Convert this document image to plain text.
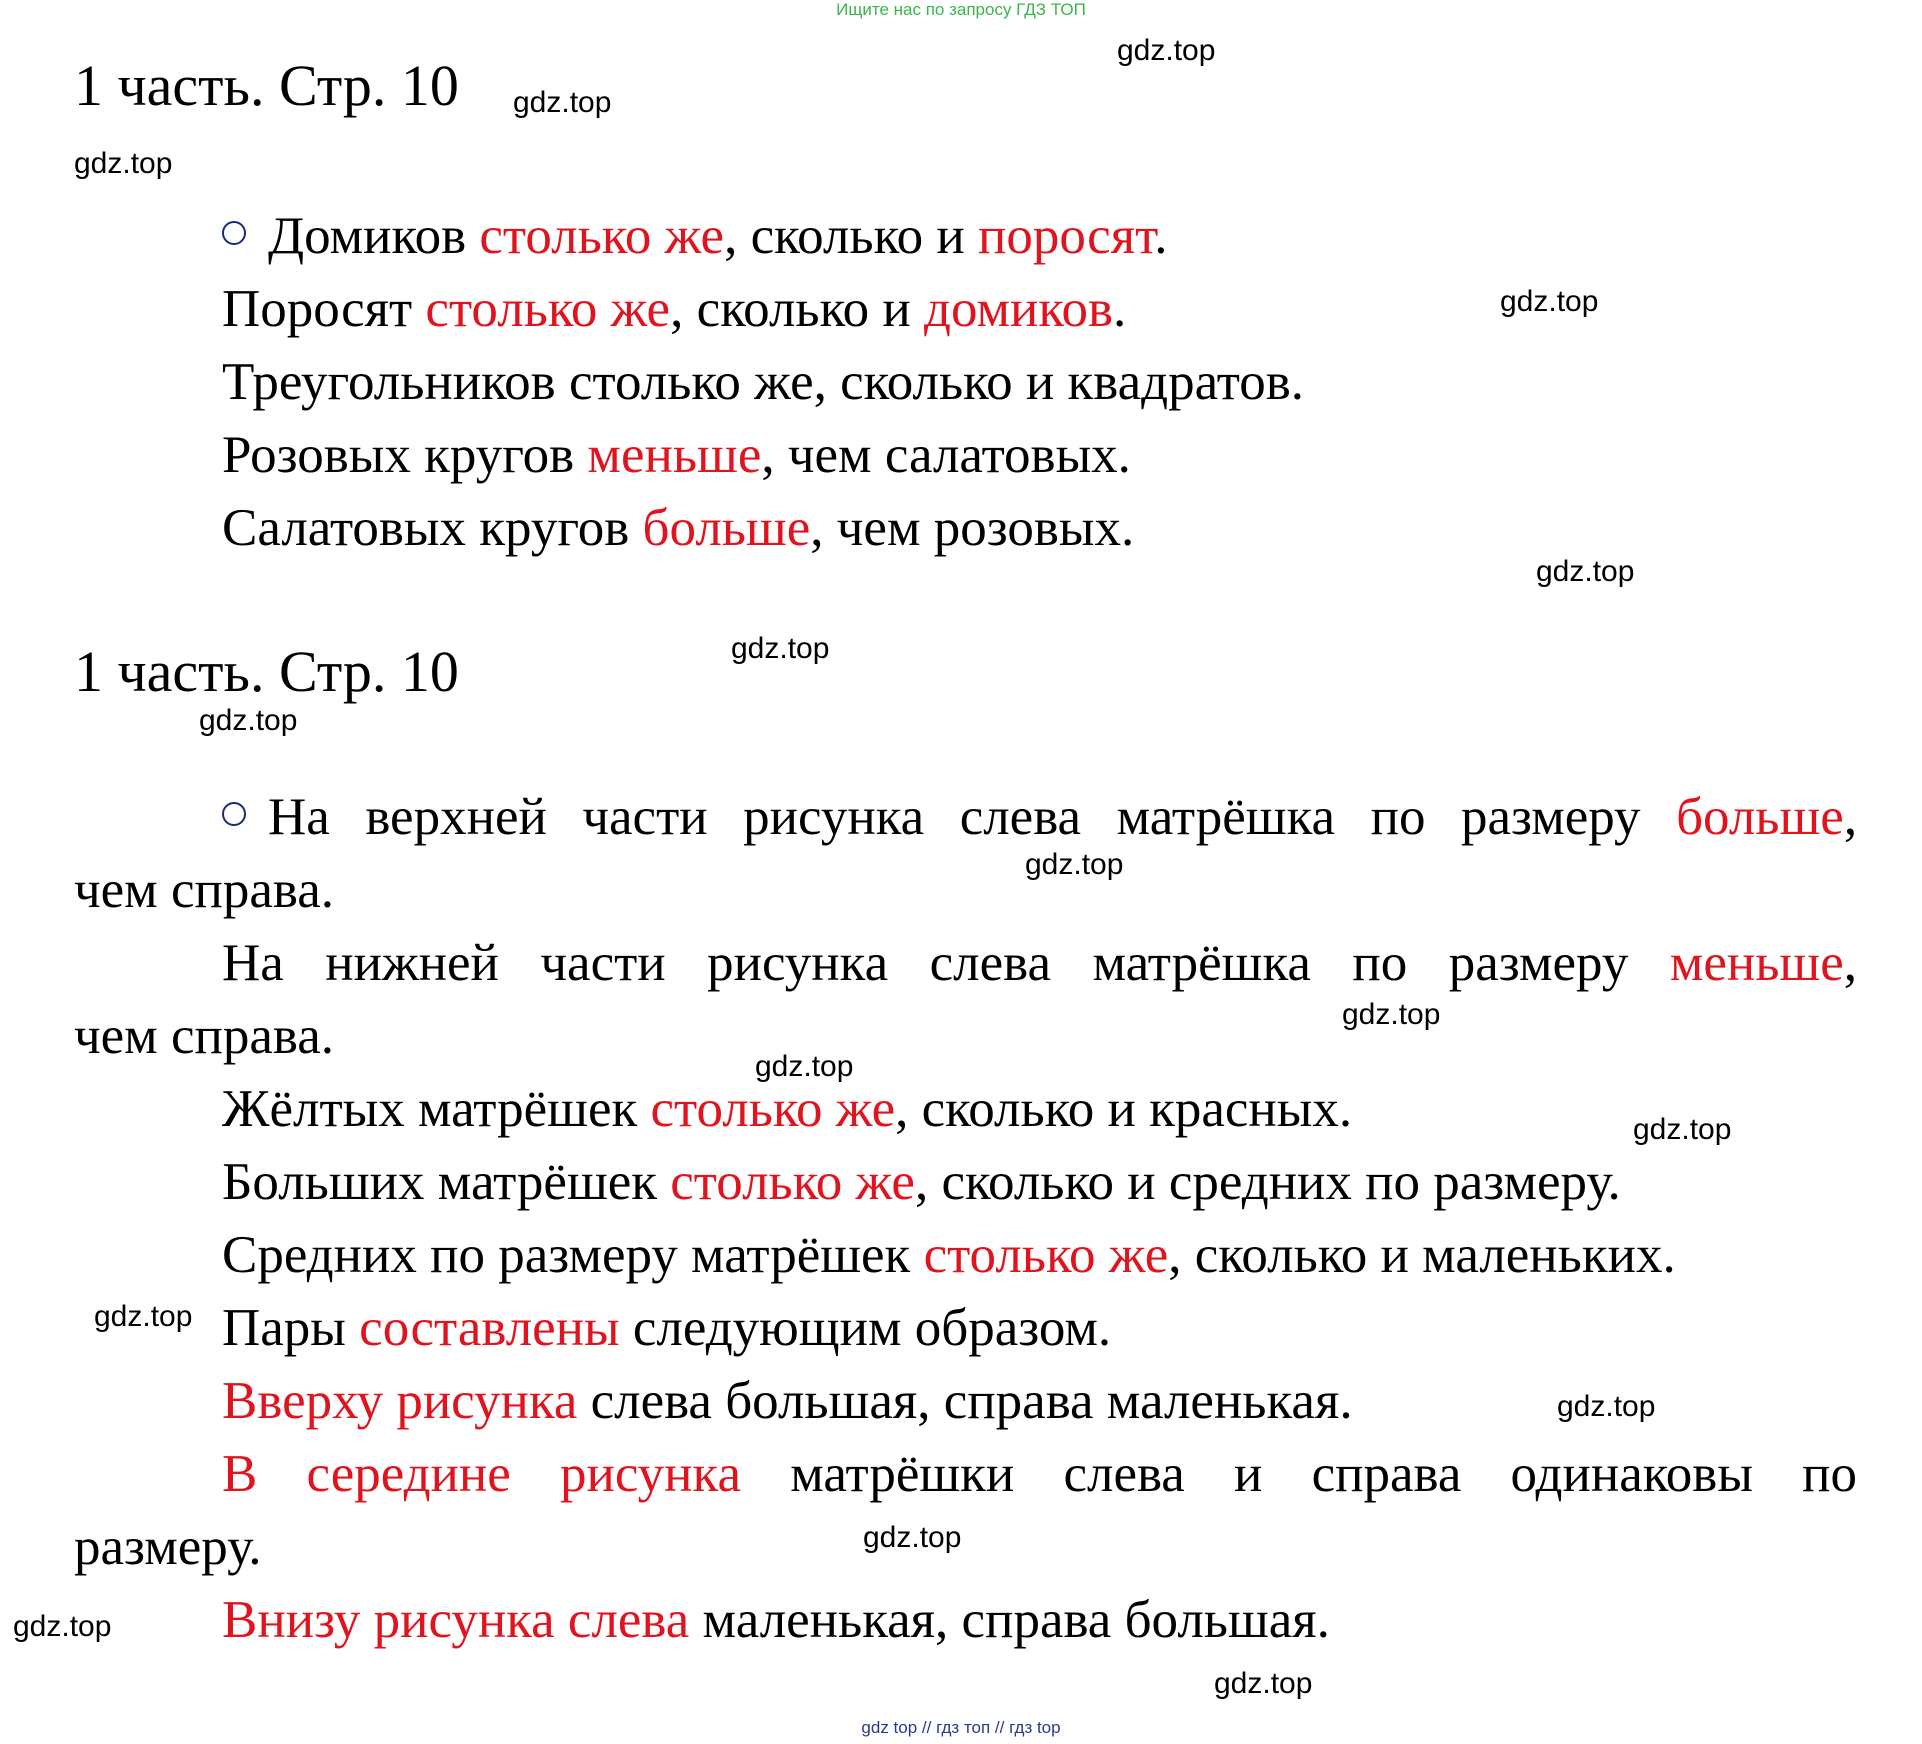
Ищите нас по запросу ГДЗ ТОП
1 часть. Стр. 10
Домиков столько же, сколько и поросят.
Поросят столько же, сколько и домиков.
Треугольников столько же, сколько и квадратов.
Розовых кругов меньше, чем салатовых.
Салатовых кругов больше, чем розовых.
1 часть. Стр. 10
На верхней части рисунка слева матрёшка по размеру больше,
чем справа.
На нижней части рисунка слева матрёшка по размеру меньше,
чем справа.
Жёлтых матрёшек столько же, сколько и красных.
Больших матрёшек столько же, сколько и средних по размеру.
Средних по размеру матрёшек столько же, сколько и маленьких.
Пары составлены следующим образом.
Вверху рисунка слева большая, справа маленькая.
В середине рисунка матрёшки слева и справа одинаковы по
размеру.
Внизу рисунка слева маленькая, справа большая.
gdz.top
gdz.top
gdz.top
gdz.top
gdz.top
gdz.top
gdz.top
gdz.top
gdz.top
gdz.top
gdz.top
gdz.top
gdz.top
gdz.top
gdz.top
gdz.top
gdz top // гдз топ // гдз top
